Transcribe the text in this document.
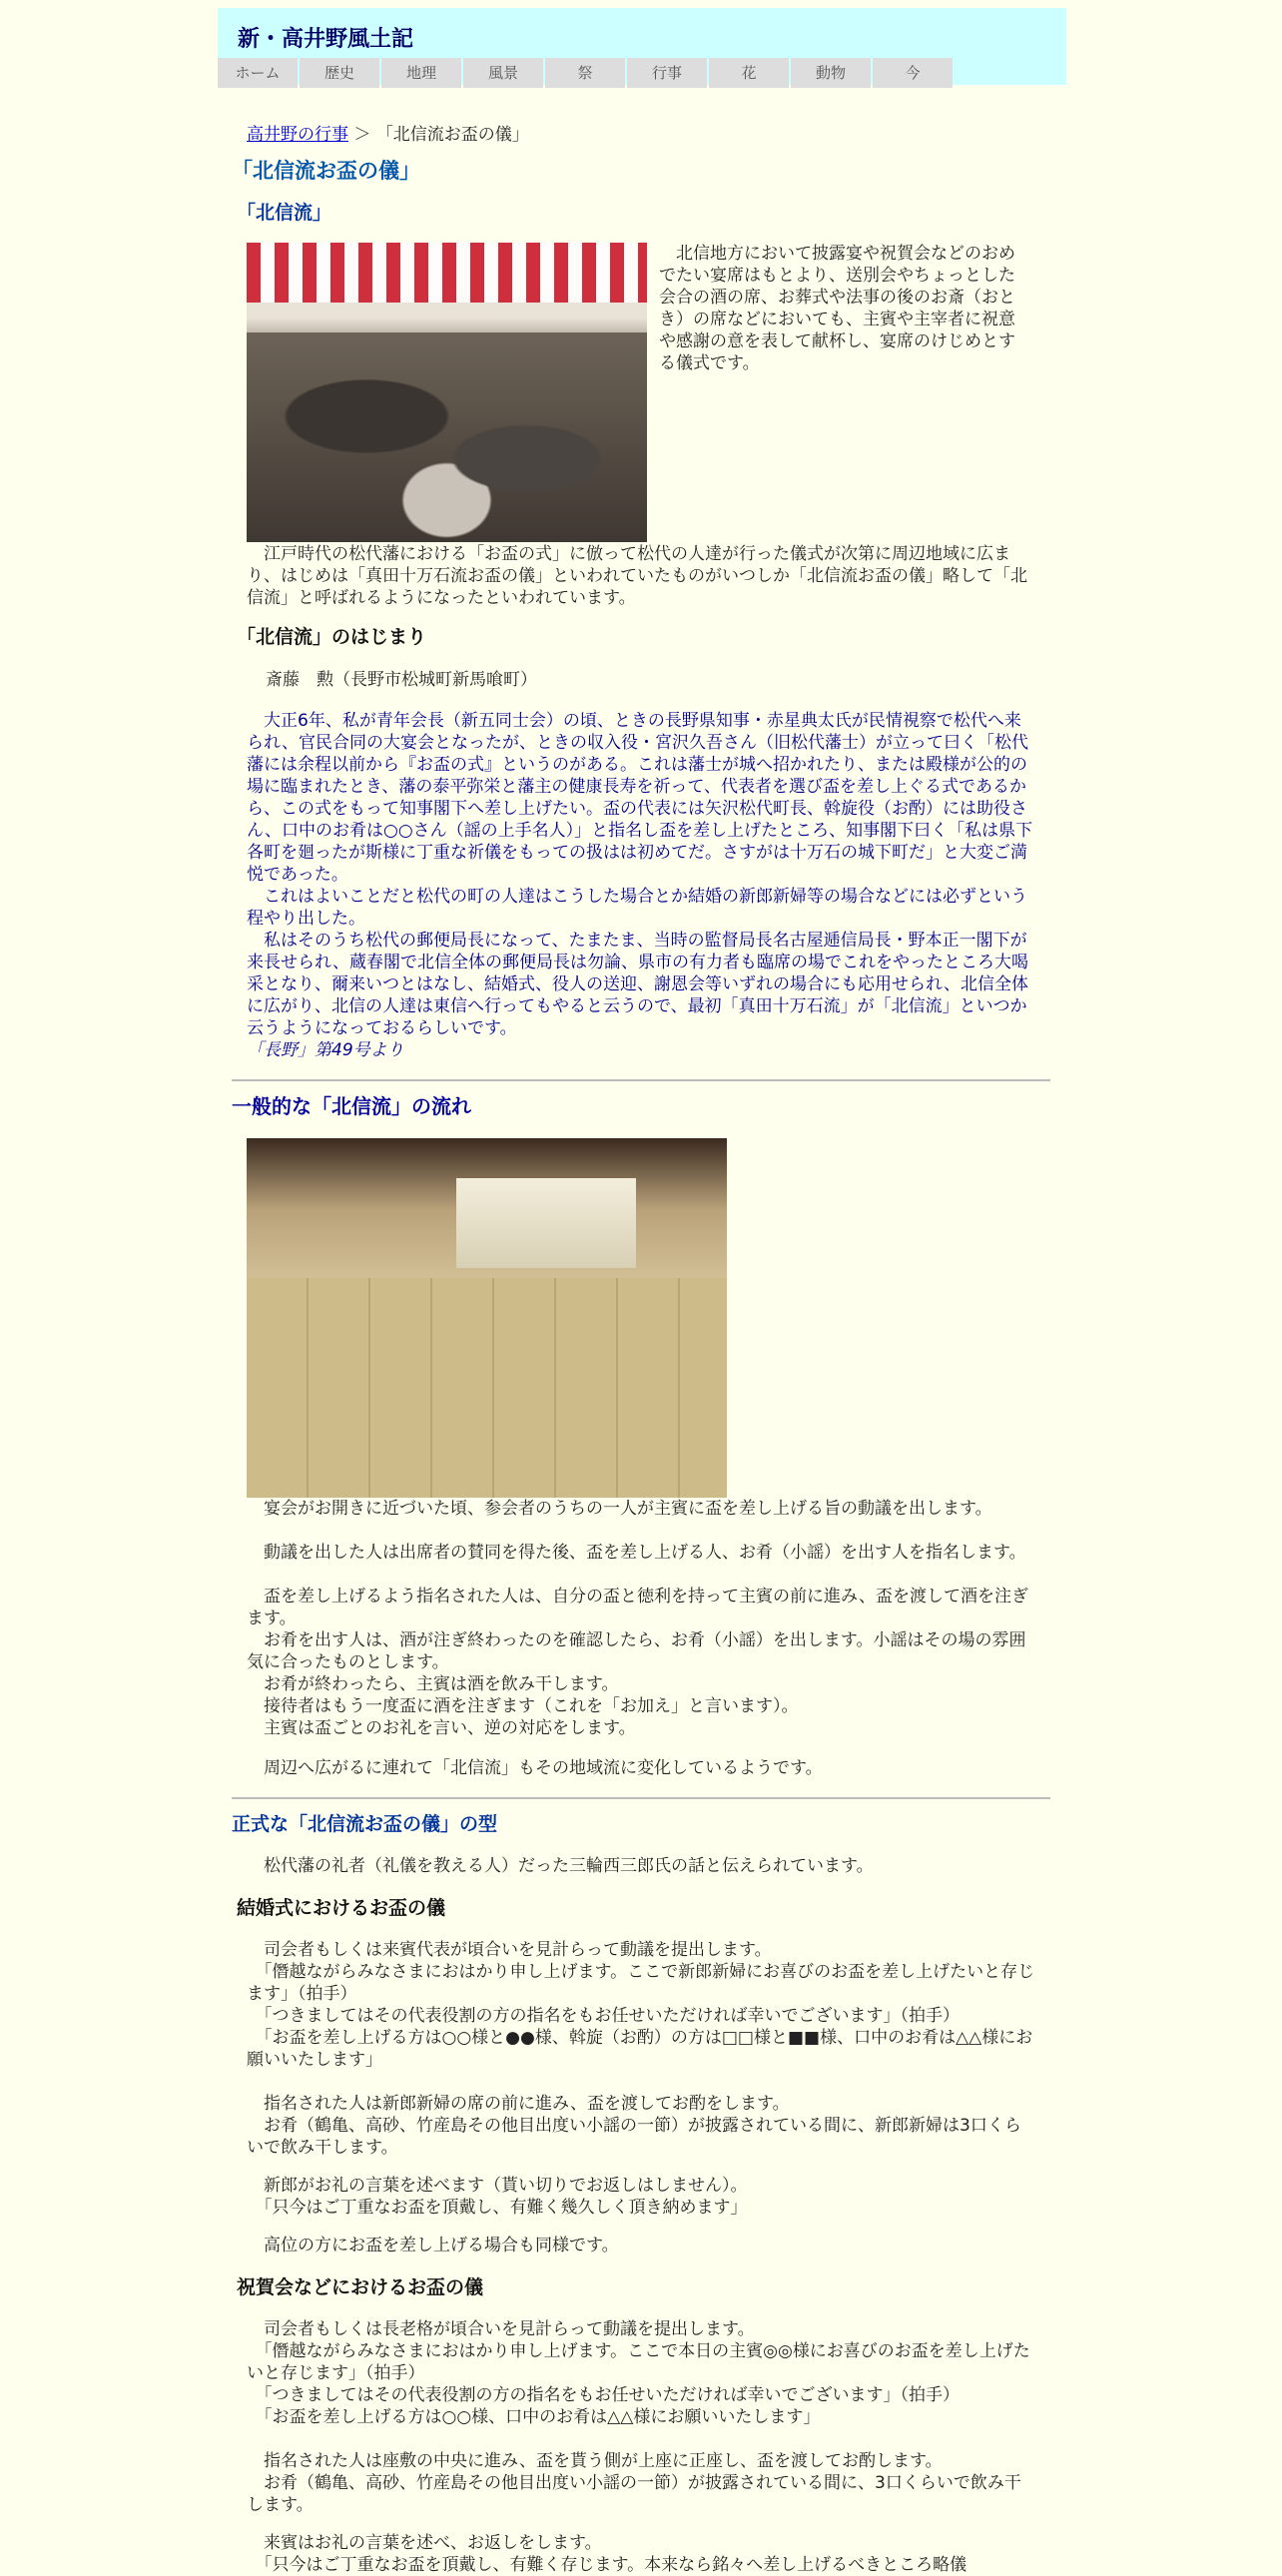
新・高井野風土記
ホーム	歴史	地理	風景	祭	行事	花	動物	今
高井野の行事 ＞ 「北信流お盃の儀」
「北信流お盃の儀」
「北信流」
　北信地方において披露宴や祝賀会などのおめでたい宴席はもとより、送別会やちょっとした会合の酒の席、お葬式や法事の後のお斎（おとき）の席などにおいても、主賓や主宰者に祝意や感謝の意を表して献杯し、宴席のけじめとする儀式です。
　江戸時代の松代藩における「お盃の式」に倣って松代の人達が行った儀式が次第に周辺地域に広まり、はじめは「真田十万石流お盃の儀」といわれていたものがいつしか「北信流お盃の儀」略して「北信流」と呼ばれるようになったといわれています。
「北信流」のはじまり
斎藤　勲（長野市松城町新馬喰町）
　大正6年、私が青年会長（新五同士会）の頃、ときの長野県知事・赤星典太氏が民情視察で松代へ来られ、官民合同の大宴会となったが、ときの収入役・宮沢久吾さん（旧松代藩士）が立って曰く「松代藩には余程以前から『お盃の式』というのがある。これは藩士が城へ招かれたり、または殿様が公的の場に臨まれたとき、藩の泰平弥栄と藩主の健康長寿を祈って、代表者を選び盃を差し上ぐる式であるから、この式をもって知事閣下へ差し上げたい。盃の代表には矢沢松代町長、斡旋役（お酌）には助役さん、口中のお肴は○○さん（謡の上手名人）」と指名し盃を差し上げたところ、知事閣下曰く「私は県下各町を廻ったが斯様に丁重な祈儀をもっての扱はは初めてだ。さすがは十万石の城下町だ」と大変ご満悦であった。
　これはよいことだと松代の町の人達はこうした場合とか結婚の新郎新婦等の場合などには必ずという程やり出した。
　私はそのうち松代の郵便局長になって、たまたま、当時の監督局長名古屋逓信局長・野本正一閣下が来長せられ、蔵春閣で北信全体の郵便局長は勿論、県市の有力者も臨席の場でこれをやったところ大喝采となり、爾来いつとはなし、結婚式、役人の送迎、謝恩会等いずれの場合にも応用せられ、北信全体に広がり、北信の人達は東信へ行ってもやると云うので、最初「真田十万石流」が「北信流」といつか云うようになっておるらしいです。
「長野」第49号より
一般的な「北信流」の流れ
　宴会がお開きに近づいた頃、参会者のうちの一人が主賓に盃を差し上げる旨の動議を出します。
　動議を出した人は出席者の賛同を得た後、盃を差し上げる人、お肴（小謡）を出す人を指名します。
　盃を差し上げるよう指名された人は、自分の盃と徳利を持って主賓の前に進み、盃を渡して酒を注ぎます。
　お肴を出す人は、酒が注ぎ終わったのを確認したら、お肴（小謡）を出します。小謡はその場の雰囲気に合ったものとします。
　お肴が終わったら、主賓は酒を飲み干します。
　接待者はもう一度盃に酒を注ぎます（これを「お加え」と言います）。
　主賓は盃ごとのお礼を言い、逆の対応をします。
　周辺へ広がるに連れて「北信流」もその地域流に変化しているようです。
正式な「北信流お盃の儀」の型
　松代藩の礼者（礼儀を教える人）だった三輪西三郎氏の話と伝えられています。
結婚式におけるお盃の儀
　司会者もしくは来賓代表が頃合いを見計らって動議を提出します。
　「僭越ながらみなさまにおはかり申し上げます。ここで新郎新婦にお喜びのお盃を差し上げたいと存じます」（拍手）
　「つきましてはその代表役割の方の指名をもお任せいただければ幸いでございます」（拍手）
　「お盃を差し上げる方は○○様と●●様、斡旋（お酌）の方は□□様と■■様、口中のお肴は△△様にお願いいたします」
　指名された人は新郎新婦の席の前に進み、盃を渡してお酌をします。
　お肴（鶴亀、高砂、竹産島その他目出度い小謡の一節）が披露されている間に、新郎新婦は3口くらいで飲み干します。
　新郎がお礼の言葉を述べます（貰い切りでお返しはしません）。
　「只今はご丁重なお盃を頂戴し、有難く幾久しく頂き納めます」
　高位の方にお盃を差し上げる場合も同様です。
祝賀会などにおけるお盃の儀
　司会者もしくは長老格が頃合いを見計らって動議を提出します。
　「僭越ながらみなさまにおはかり申し上げます。ここで本日の主賓◎◎様にお喜びのお盃を差し上げたいと存じます」（拍手）
　「つきましてはその代表役割の方の指名をもお任せいただければ幸いでございます」（拍手）
　「お盃を差し上げる方は○○様、口中のお肴は△△様にお願いいたします」
　指名された人は座敷の中央に進み、盃を貰う側が上座に正座し、盃を渡してお酌します。
　お肴（鶴亀、高砂、竹産島その他目出度い小謡の一節）が披露されている間に、3口くらいで飲み干します。
　来賓はお礼の言葉を述べ、お返しをします。
　「只今はご丁重なお盃を頂戴し、有難く存じます。本来なら銘々へ差し上げるべきところ略儀
